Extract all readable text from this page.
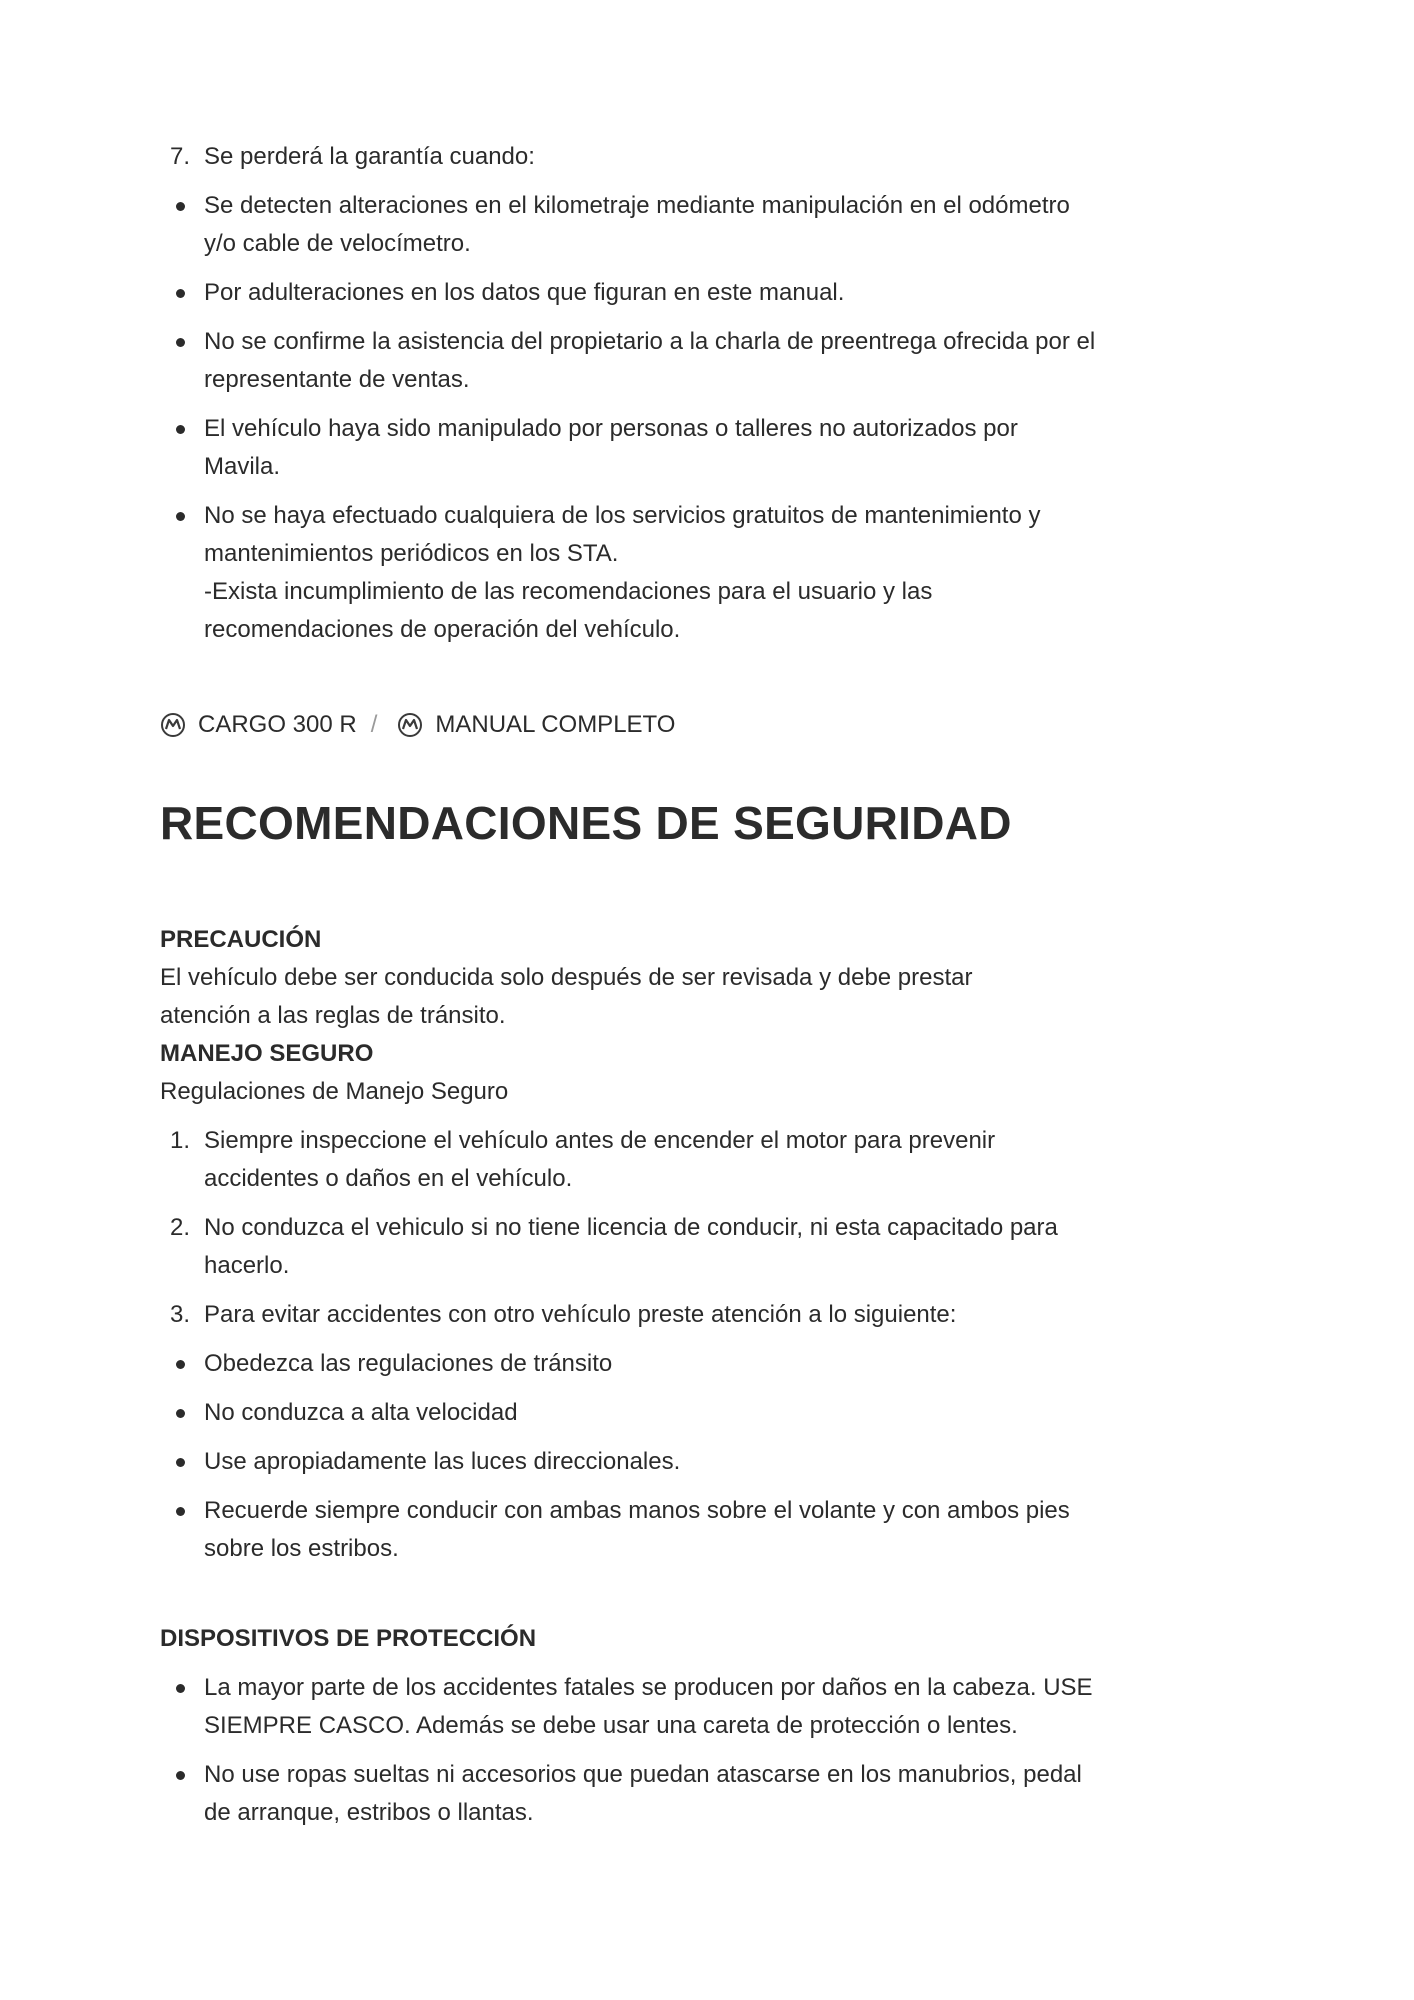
7. Se perderá la garantía cuando:
Se detecten alteraciones en el kilometraje mediante manipulación en el odómetro
y/o cable de velocímetro.
Por adulteraciones en los datos que figuran en este manual.
No se confirme la asistencia del propietario a la charla de preentrega ofrecida por el
representante de ventas.
El vehículo haya sido manipulado por personas o talleres no autorizados por
Mavila.
No se haya efectuado cualquiera de los servicios gratuitos de mantenimiento y
mantenimientos periódicos en los STA.
-Exista incumplimiento de las recomendaciones para el usuario y las
recomendaciones de operación del vehículo.
CARGO 300 R / MANUAL COMPLETO
RECOMENDACIONES DE SEGURIDAD
PRECAUCIÓN
El vehículo debe ser conducida solo después de ser revisada y debe prestar
atención a las reglas de tránsito.
MANEJO SEGURO
Regulaciones de Manejo Seguro
1. Siempre inspeccione el vehículo antes de encender el motor para prevenir
accidentes o daños en el vehículo.
2. No conduzca el vehiculo si no tiene licencia de conducir, ni esta capacitado para
hacerlo.
3. Para evitar accidentes con otro vehículo preste atención a lo siguiente:
Obedezca las regulaciones de tránsito
No conduzca a alta velocidad
Use apropiadamente las luces direccionales.
Recuerde siempre conducir con ambas manos sobre el volante y con ambos pies
sobre los estribos.
DISPOSITIVOS DE PROTECCIÓN
La mayor parte de los accidentes fatales se producen por daños en la cabeza. USE
SIEMPRE CASCO. Además se debe usar una careta de protección o lentes.
No use ropas sueltas ni accesorios que puedan atascarse en los manubrios, pedal
de arranque, estribos o llantas.
